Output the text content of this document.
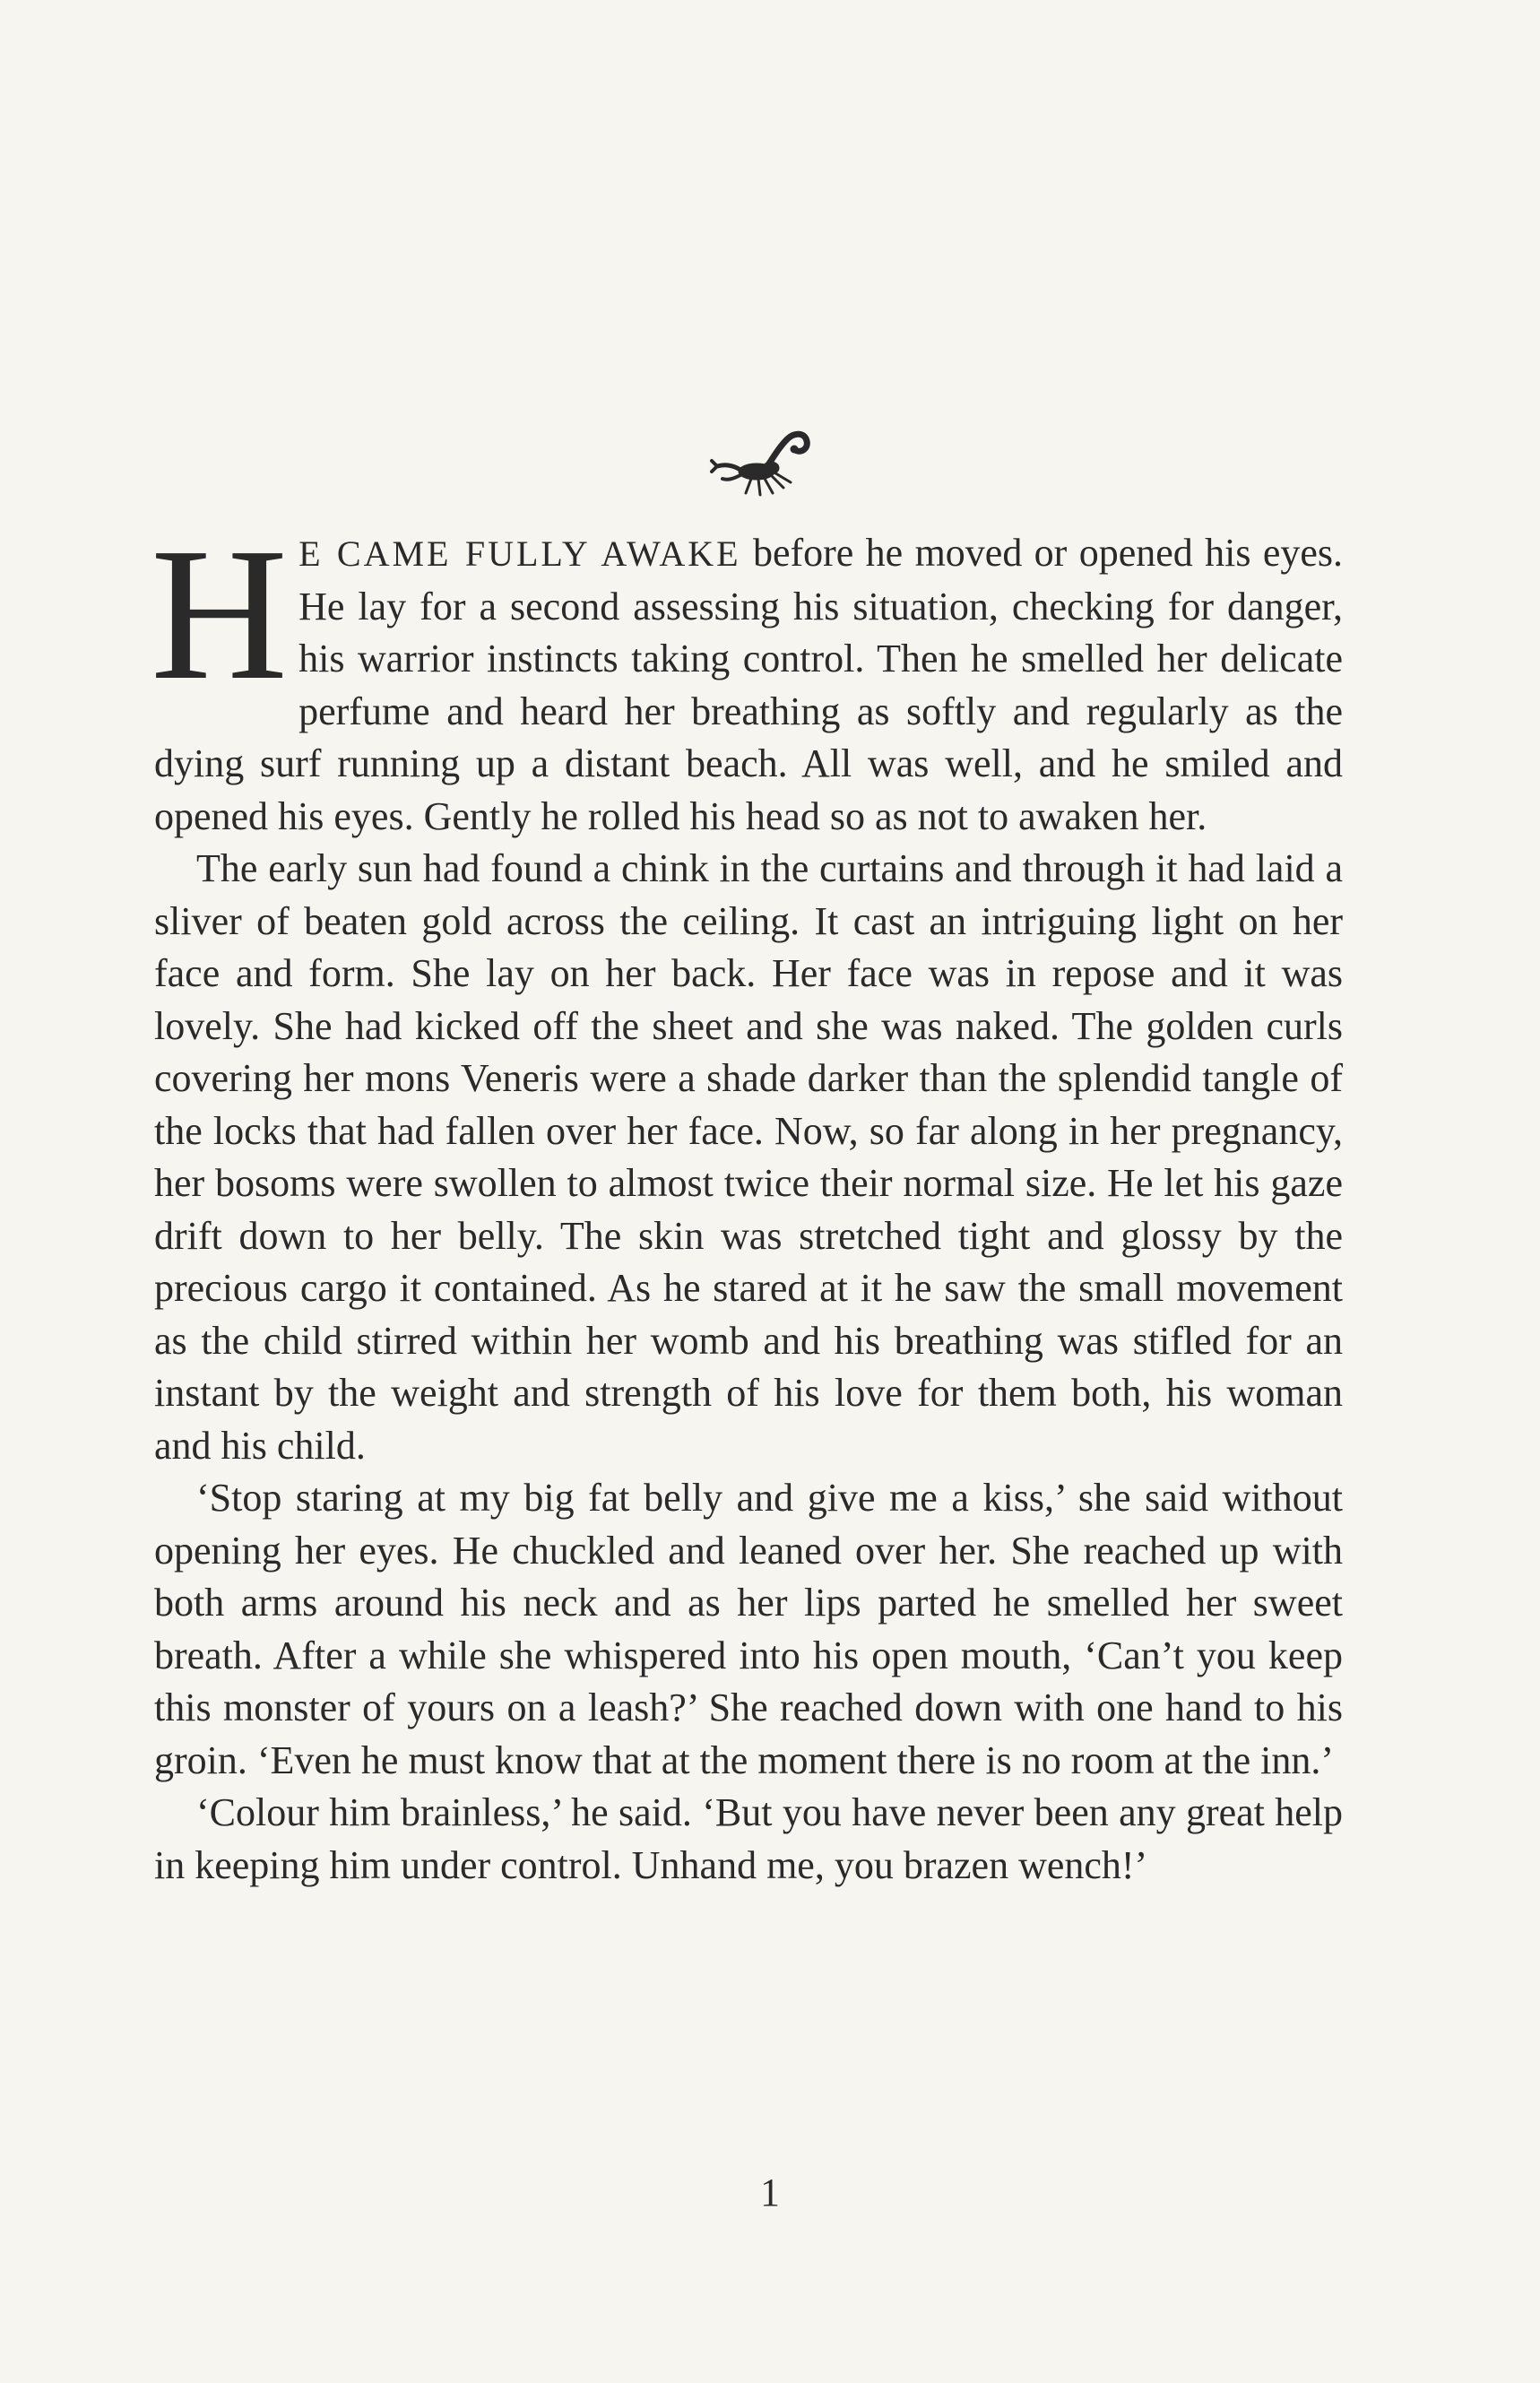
H E CAME FULLY AWAKE before he moved or opened his eyes. He lay for a second assessing his situation, checking for danger, his warrior instincts taking control. Then he smelled her delicate perfume and heard her breathing as softly and regularly as the dying surf running up a distant beach. All was well, and he smiled and opened his eyes. Gently he rolled his head so as not to awaken her.

The early sun had found a chink in the curtains and through it had laid a sliver of beaten gold across the ceiling. It cast an intriguing light on her face and form. She lay on her back. Her face was in repose and it was lovely. She had kicked off the sheet and she was naked. The golden curls covering her mons Veneris were a shade darker than the splendid tangle of the locks that had fallen over her face. Now, so far along in her pregnancy, her bosoms were swollen to almost twice their normal size. He let his gaze drift down to her belly. The skin was stretched tight and glossy by the precious cargo it contained. As he stared at it he saw the small movement as the child stirred within her womb and his breathing was stifled for an instant by the weight and strength of his love for them both, his woman and his child.

‘Stop staring at my big fat belly and give me a kiss,’ she said without opening her eyes. He chuckled and leaned over her. She reached up with both arms around his neck and as her lips parted he smelled her sweet breath. After a while she whispered into his open mouth, ‘Can’t you keep this monster of yours on a leash?’ She reached down with one hand to his groin. ‘Even he must know that at the moment there is no room at the inn.’

‘Colour him brainless,’ he said. ‘But you have never been any great help in keeping him under control. Unhand me, you brazen wench!’

1
